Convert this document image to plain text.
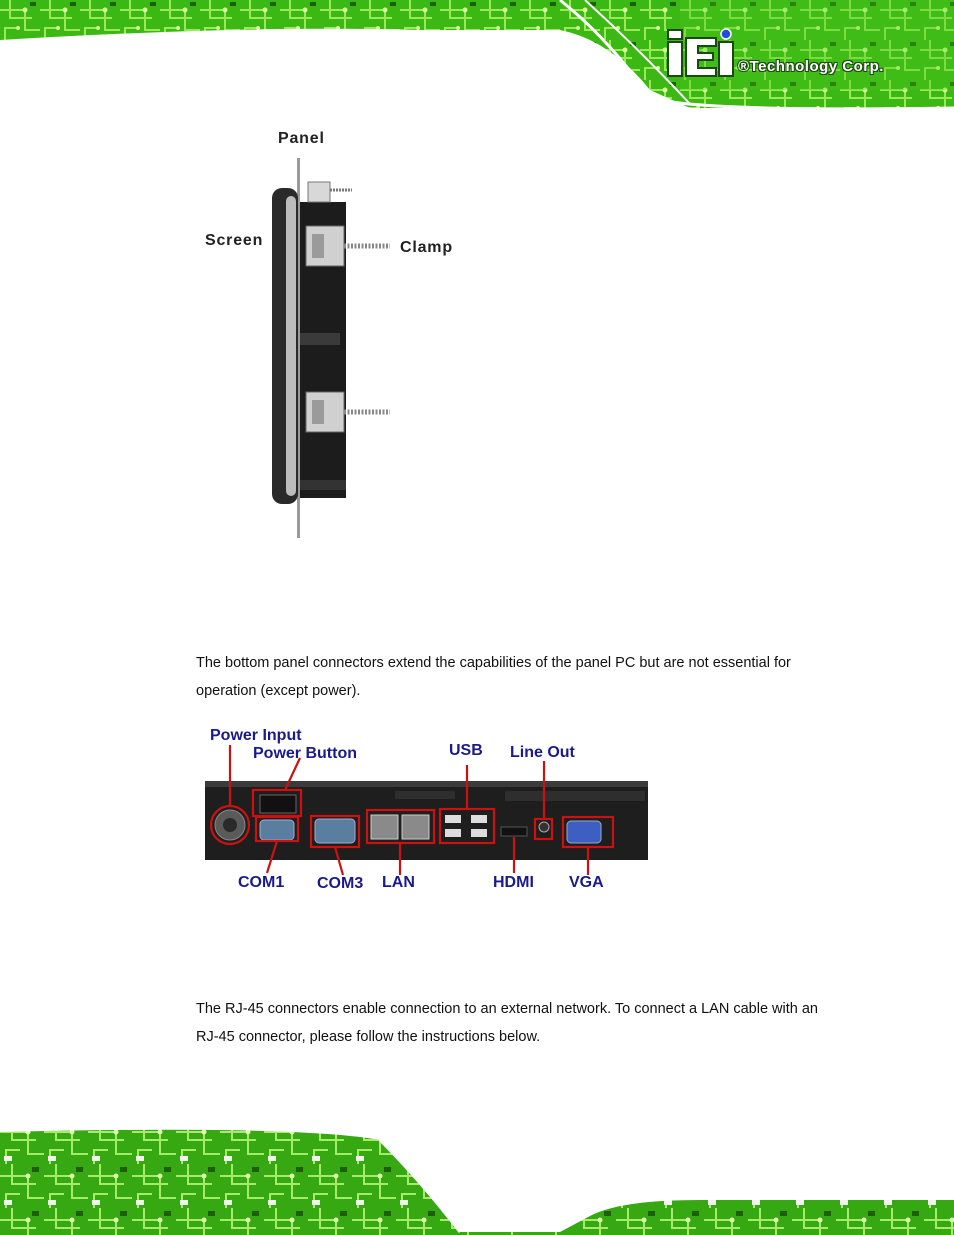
®Technology Corp.
Panel
Screen	Clamp
The bottom panel connectors extend the capabilities of the panel PC but are not essential for operation (except power).
Power Input
Power Button	USB Line Out
COM1 COM3 LAN	HDMI VGA
The RJ-45 connectors enable connection to an external network. To connect a LAN cable with an RJ-45 connector, please follow the instructions below.
